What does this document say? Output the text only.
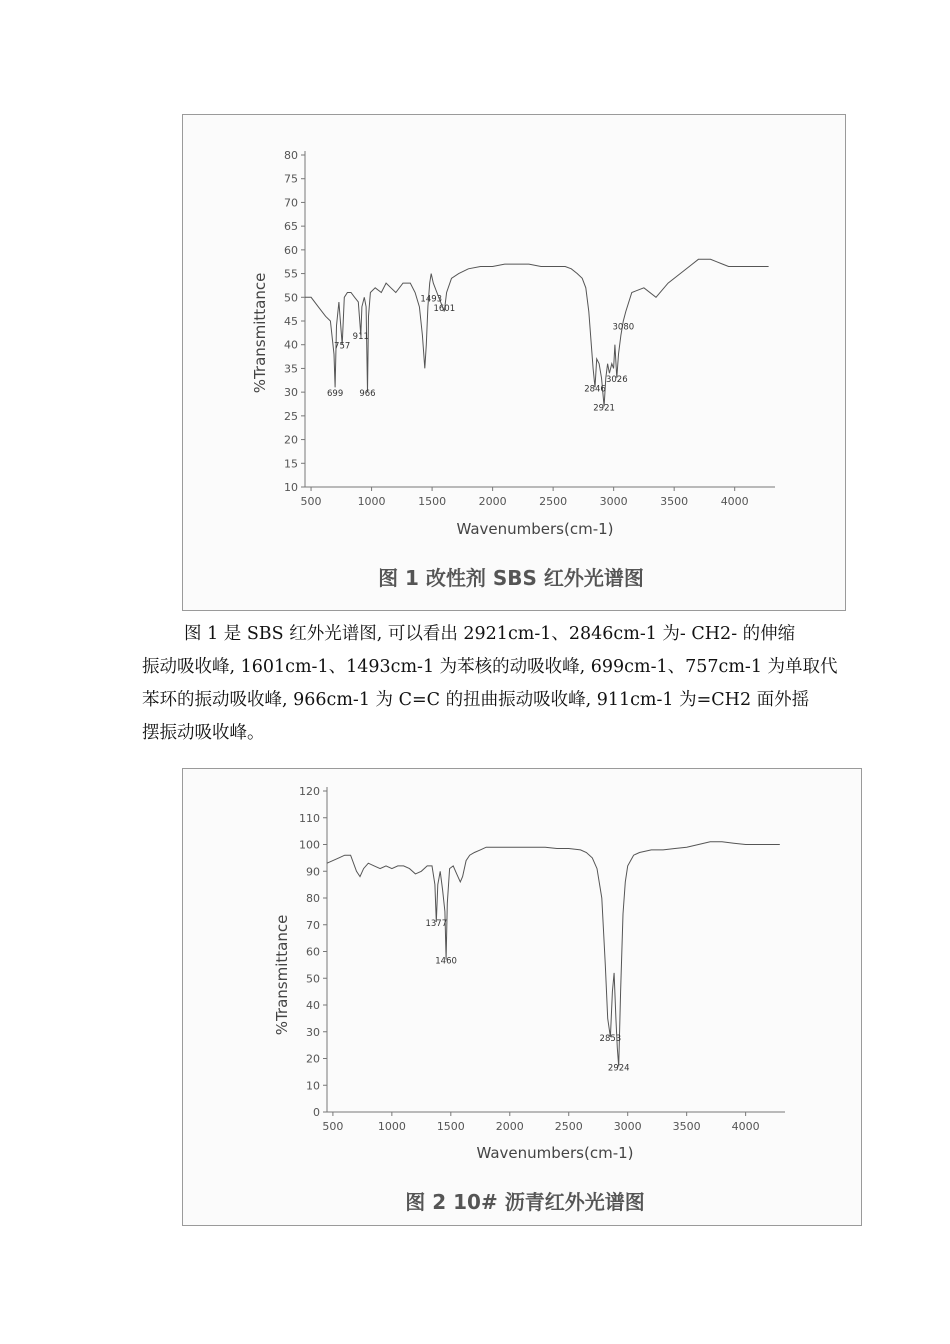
10
15
20
25
30
35
40
45
50
55
60
65
70
75
80
500	1000	1500	2000	2500	3000	3500	4000
699
757
911
966
1493
1601
2846
2921
3026
3080
%Transmittance
Wavenumbers(cm-1)
图 1 改性剂 SBS 红外光谱图
图 1 是 SBS 红外光谱图, 可以看出 2921cm-1、2846cm-1 为- CH2- 的伸缩
振动吸收峰, 1601cm-1、1493cm-1 为苯核的动吸收峰, 699cm-1、757cm-1 为单取代
苯环的振动吸收峰, 966cm-1 为 C=C 的扭曲振动吸收峰, 911cm-1 为=CH2 面外摇
摆振动吸收峰。
0
10
20
30
40
50
60
70
80
90
100
110
120
500	1000	1500	2000	2500	3000	3500	4000
1377
1460
2853
2924
%Transmittance
Wavenumbers(cm-1)
图 2 10# 沥青红外光谱图
